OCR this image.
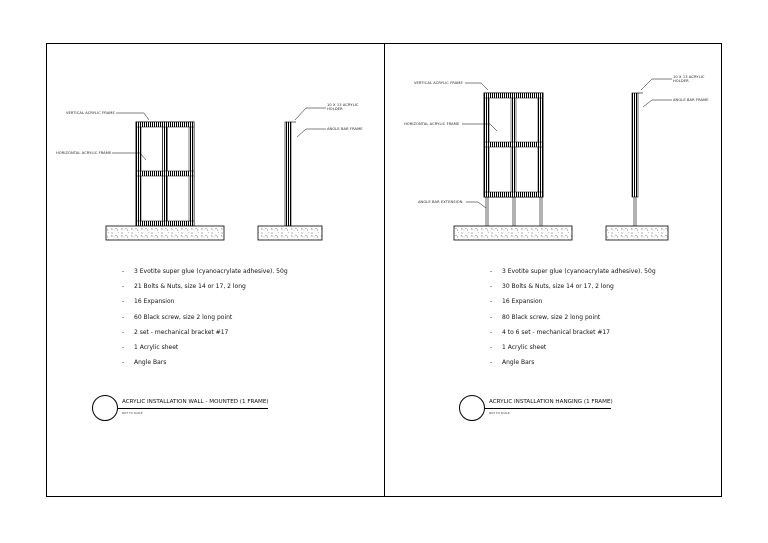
VERTICAL ACRYLIC FRAME
HORIZONTAL ACRYLIC FRAME
10 X 13 ACRYLIC HOLDER
ANGLE BAR FRAME
- 3 Evotite super glue (cyanoacrylate adhesive). 50g
- 21 Bolts & Nuts, size 14 or 17, 2 long
- 16 Expansion
- 60 Black screw, size 2 long point
- 2 set - mechanical bracket #17
- 1 Acrylic sheet
- Angle Bars
ACRYLIC INSTALLATION WALL - MOUNTED (1 FRAME)
NOT TO SCALE
VERTICAL ACRYLIC FRAME
HORIZONTAL ACRYLIC FRAME
ANGLE BAR EXTENSION
10 X 13 ACRYLIC HOLDER
ANGLE BAR FRAME
- 3 Evotite super glue (cyanoacrylate adhesive). 50g
- 30 Bolts & Nuts, size 14 or 17, 2 long
- 16 Expansion
- 80 Black screw, size 2 long point
- 4 to 6 set - mechanical bracket #17
- 1 Acrylic sheet
- Angle Bars
ACRYLIC INSTALLATION HANGING (1 FRAME)
NOT TO SCALE
